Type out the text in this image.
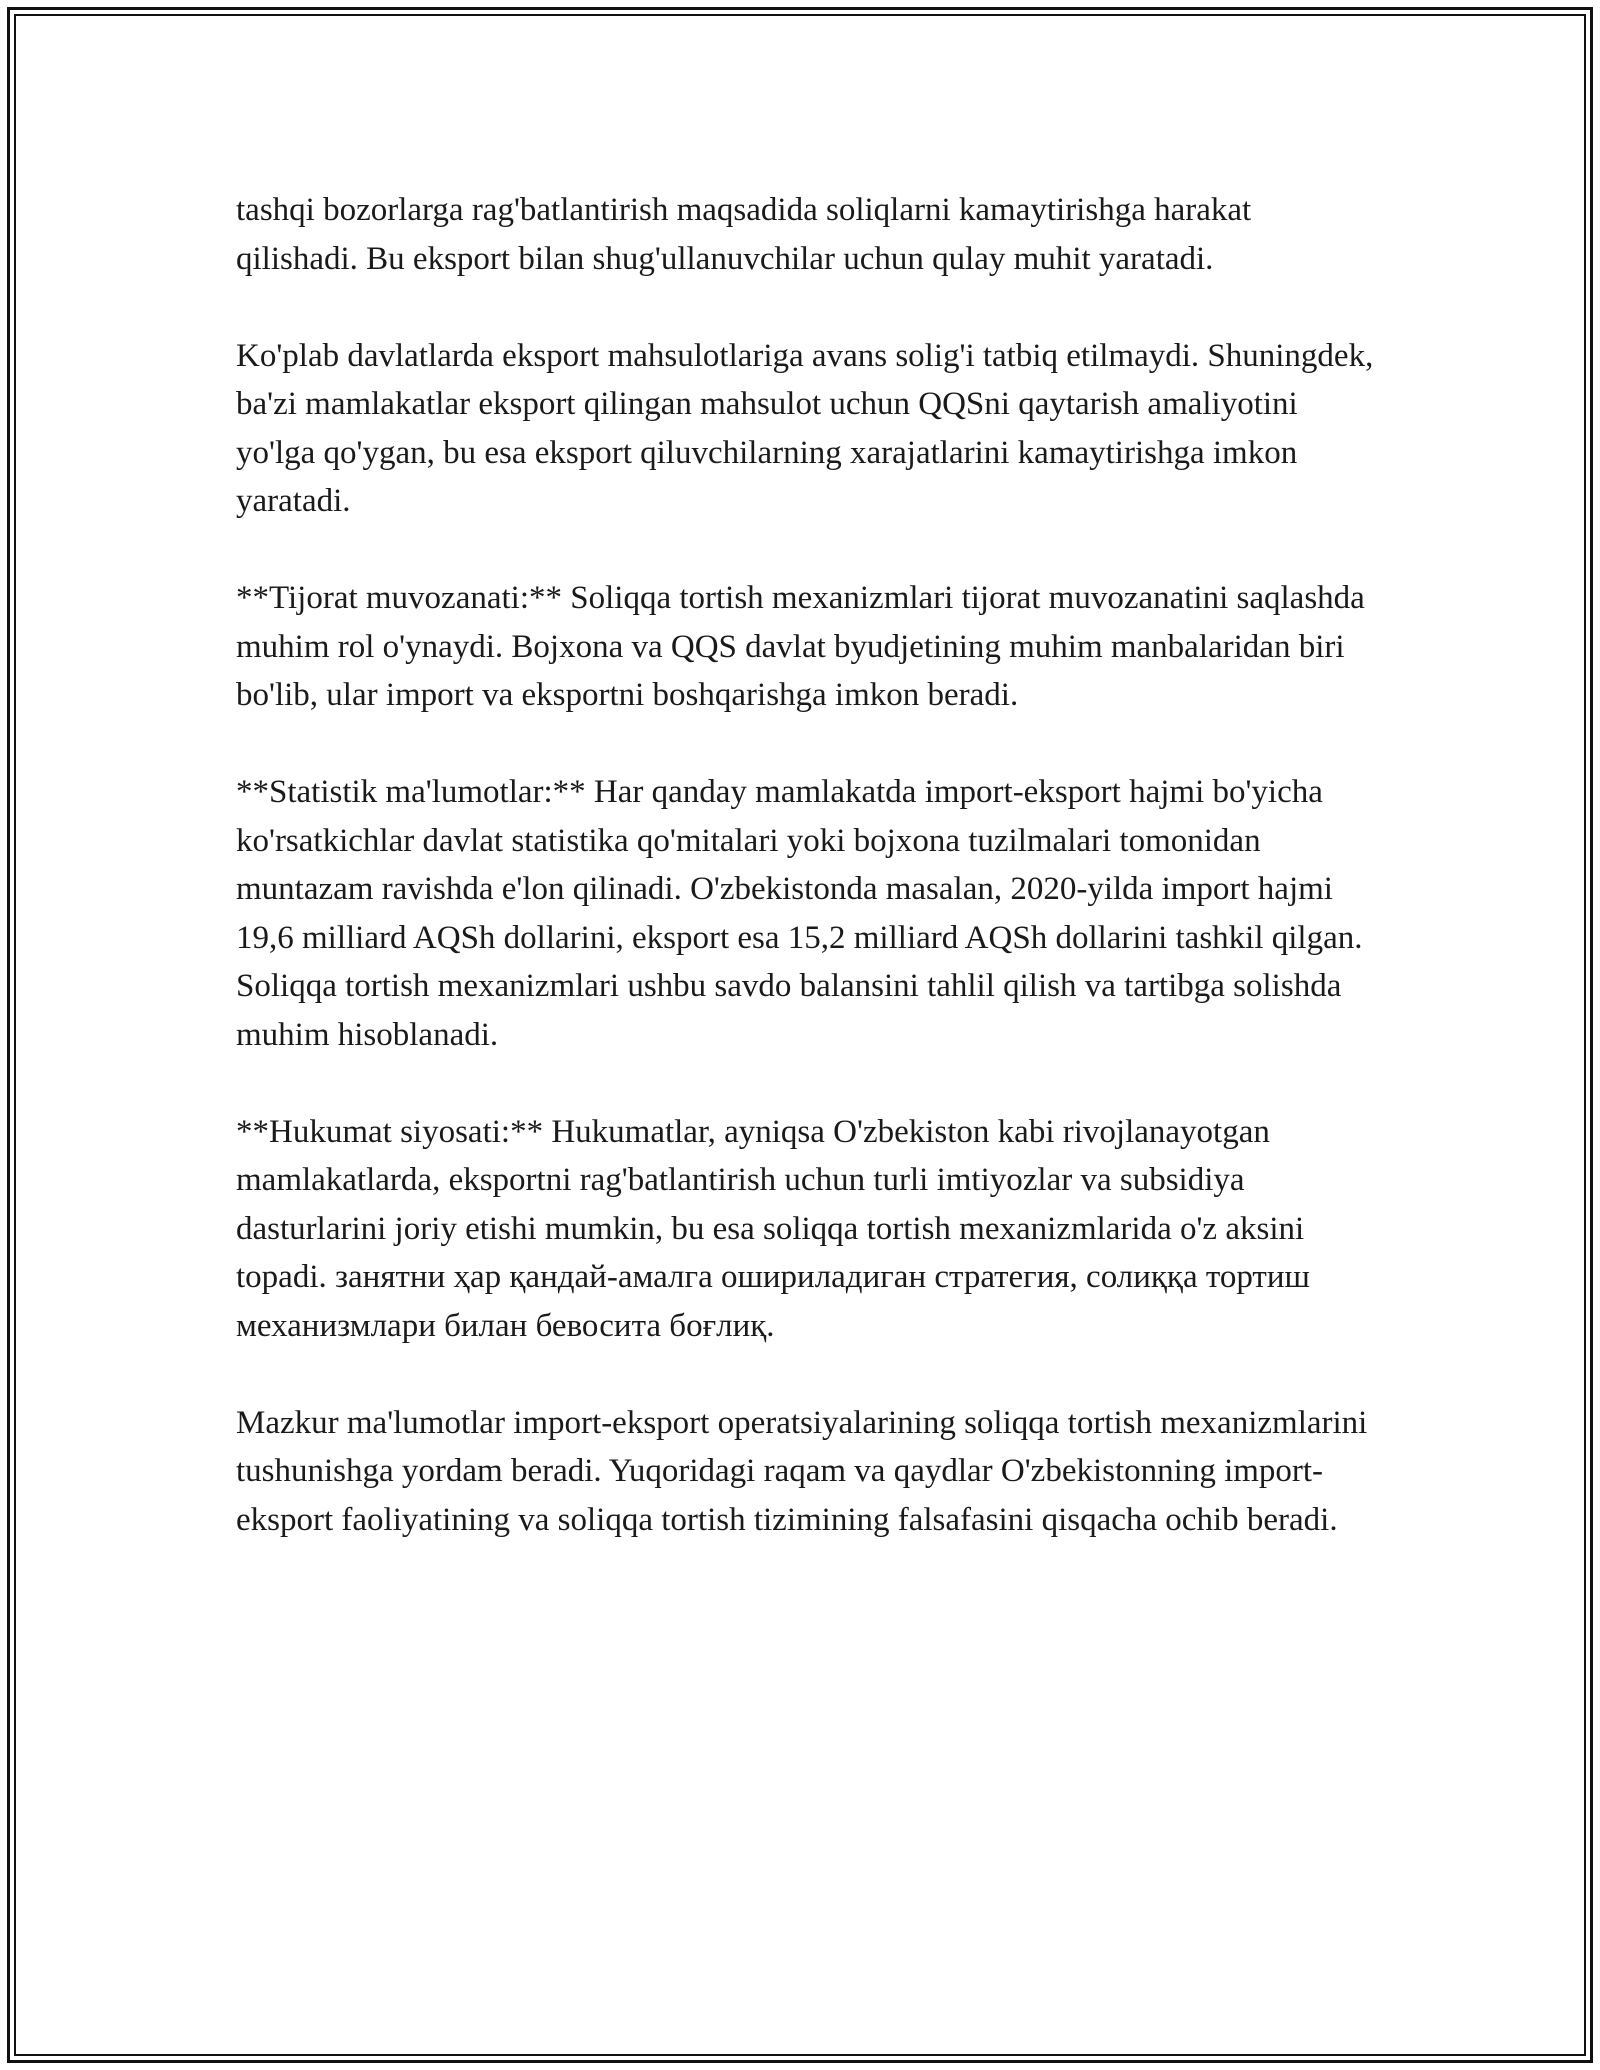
tashqi bozorlarga rag'batlantirish maqsadida soliqlarni kamaytirishga harakat qilishadi. Bu eksport bilan shug'ullanuvchilar uchun qulay muhit yaratadi.

Ko'plab davlatlarda eksport mahsulotlariga avans solig'i tatbiq etilmaydi. Shuningdek, ba'zi mamlakatlar eksport qilingan mahsulot uchun QQSni qaytarish amaliyotini yo'lga qo'ygan, bu esa eksport qiluvchilarning xarajatlarini kamaytirishga imkon yaratadi.

**Tijorat muvozanati:** Soliqqa tortish mexanizmlari tijorat muvozanatini saqlashda muhim rol o'ynaydi. Bojxona va QQS davlat byudjetining muhim manbalaridan biri bo'lib, ular import va eksportni boshqarishga imkon beradi.

**Statistik ma'lumotlar:** Har qanday mamlakatda import-eksport hajmi bo'yicha ko'rsatkichlar davlat statistika qo'mitalari yoki bojxona tuzilmalari tomonidan muntazam ravishda e'lon qilinadi. O'zbekistonda masalan, 2020-yilda import hajmi 19,6 milliard AQSh dollarini, eksport esa 15,2 milliard AQSh dollarini tashkil qilgan. Soliqqa tortish mexanizmlari ushbu savdo balansini tahlil qilish va tartibga solishda muhim hisoblanadi.

**Hukumat siyosati:** Hukumatlar, ayniqsa O'zbekiston kabi rivojlanayotgan mamlakatlarda, eksportni rag'batlantirish uchun turli imtiyozlar va subsidiya dasturlarini joriy etishi mumkin, bu esa soliqqa tortish mexanizmlarida o'z aksini topadi. занятни ҳар қандай-амалга ошириладиган стратегия, солиққа тортиш механизмлари билан бевосита боғлиқ.

Mazkur ma'lumotlar import-eksport operatsiyalarining soliqqa tortish mexanizmlarini tushunishga yordam beradi. Yuqoridagi raqam va qaydlar O'zbekistonning import-eksport faoliyatining va soliqqa tortish tizimining falsafasini qisqacha ochib beradi.
